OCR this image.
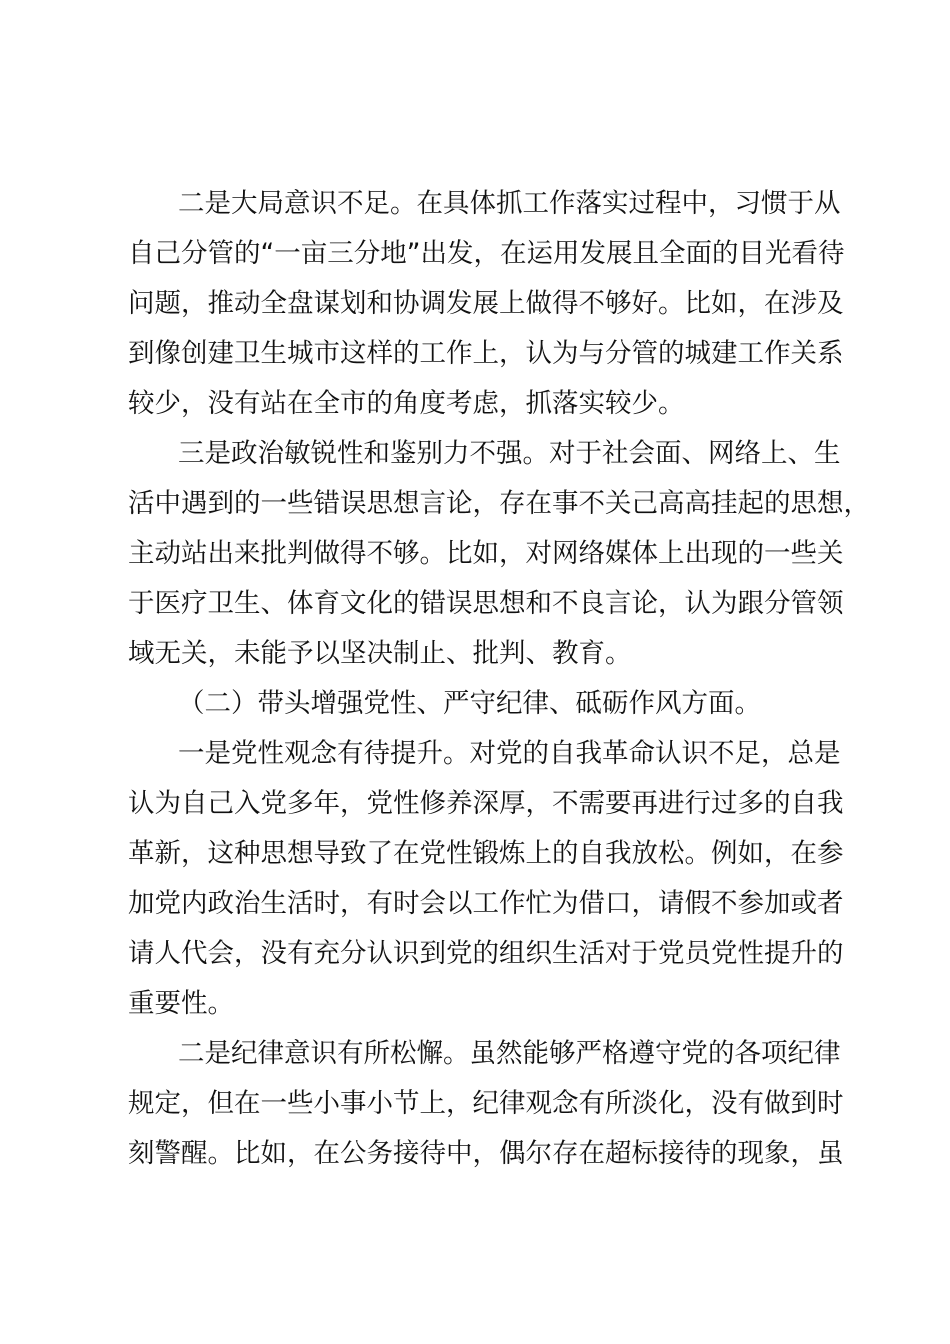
二是大局意识不足。在具体抓工作落实过程中，习惯于从
自己分管的“一亩三分地”出发，在运用发展且全面的目光看待
问题，推动全盘谋划和协调发展上做得不够好。比如，在涉及
到像创建卫生城市这样的工作上，认为与分管的城建工作关系
较少，没有站在全市的角度考虑，抓落实较少。
三是政治敏锐性和鉴别力不强。对于社会面、网络上、生
活中遇到的一些错误思想言论，存在事不关己高高挂起的思想，
主动站出来批判做得不够。比如，对网络媒体上出现的一些关
于医疗卫生、体育文化的错误思想和不良言论，认为跟分管领
域无关，未能予以坚决制止、批判、教育。
（二）带头增强党性、严守纪律、砥砺作风方面。
一是党性观念有待提升。对党的自我革命认识不足，总是
认为自己入党多年，党性修养深厚，不需要再进行过多的自我
革新，这种思想导致了在党性锻炼上的自我放松。例如，在参
加党内政治生活时，有时会以工作忙为借口，请假不参加或者
请人代会，没有充分认识到党的组织生活对于党员党性提升的
重要性。
二是纪律意识有所松懈。虽然能够严格遵守党的各项纪律
规定，但在一些小事小节上，纪律观念有所淡化，没有做到时
刻警醒。比如，在公务接待中，偶尔存在超标接待的现象，虽
